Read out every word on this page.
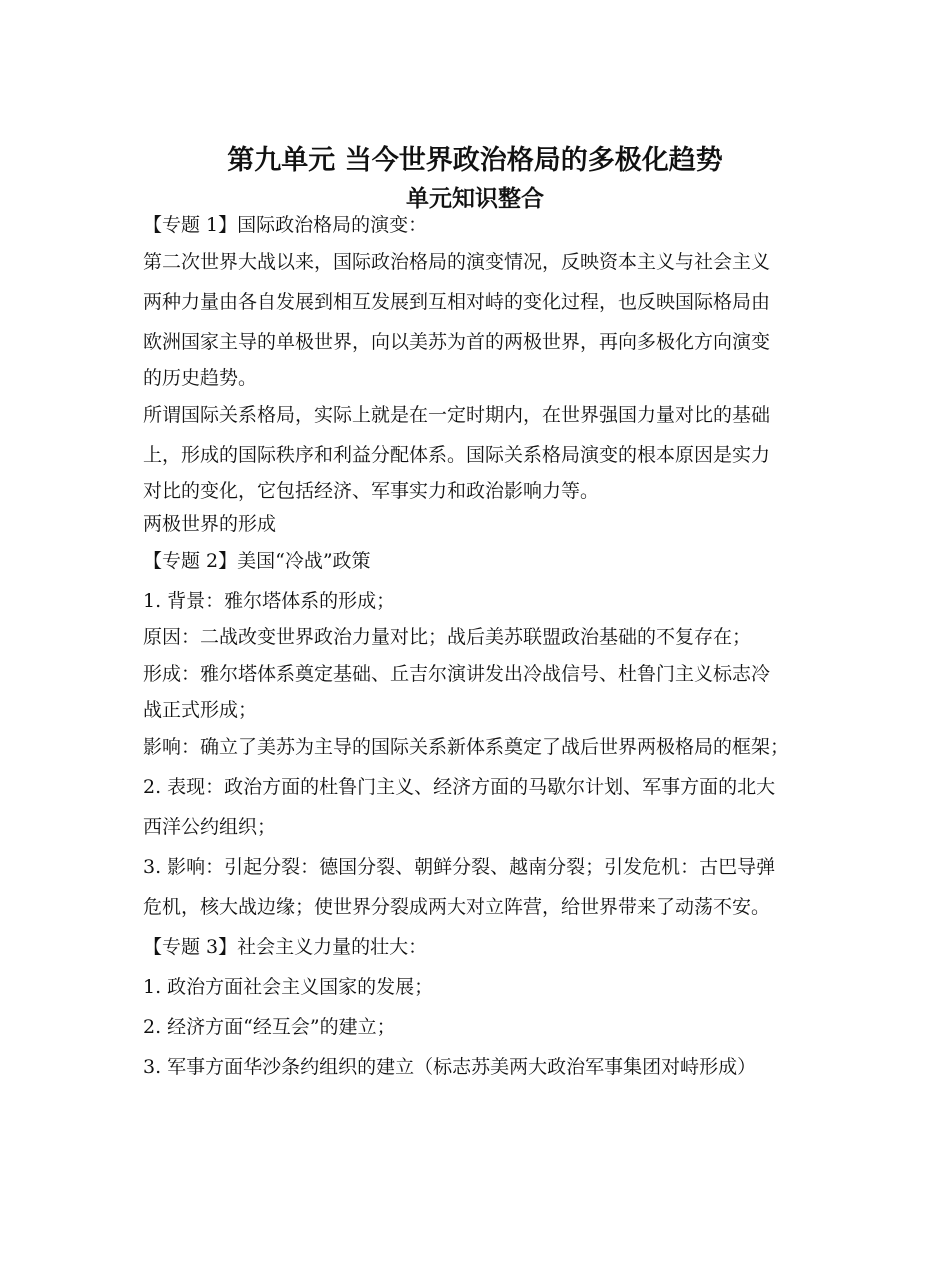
第九单元 当今世界政治格局的多极化趋势
单元知识整合

【专题 1】国际政治格局的演变：

第二次世界大战以来，国际政治格局的演变情况，反映资本主义与社会主义

两种力量由各自发展到相互发展到互相对峙的变化过程，也反映国际格局由

欧洲国家主导的单极世界，向以美苏为首的两极世界，再向多极化方向演变

的历史趋势。

所谓国际关系格局，实际上就是在一定时期内，在世界强国力量对比的基础

上，形成的国际秩序和利益分配体系。国际关系格局演变的根本原因是实力

对比的变化，它包括经济、军事实力和政治影响力等。

两极世界的形成

【专题 2】美国“冷战”政策

1. 背景：雅尔塔体系的形成；

原因：二战改变世界政治力量对比；战后美苏联盟政治基础的不复存在；

形成：雅尔塔体系奠定基础、丘吉尔演讲发出冷战信号、杜鲁门主义标志冷

战正式形成；

影响：确立了美苏为主导的国际关系新体系奠定了战后世界两极格局的框架；

2. 表现：政治方面的杜鲁门主义、经济方面的马歇尔计划、军事方面的北大

西洋公约组织；

3. 影响：引起分裂：德国分裂、朝鲜分裂、越南分裂；引发危机：古巴导弹

危机，核大战边缘；使世界分裂成两大对立阵营，给世界带来了动荡不安。

【专题 3】社会主义力量的壮大：

1. 政治方面社会主义国家的发展；

2. 经济方面“经互会”的建立；

3. 军事方面华沙条约组织的建立（标志苏美两大政治军事集团对峙形成）
